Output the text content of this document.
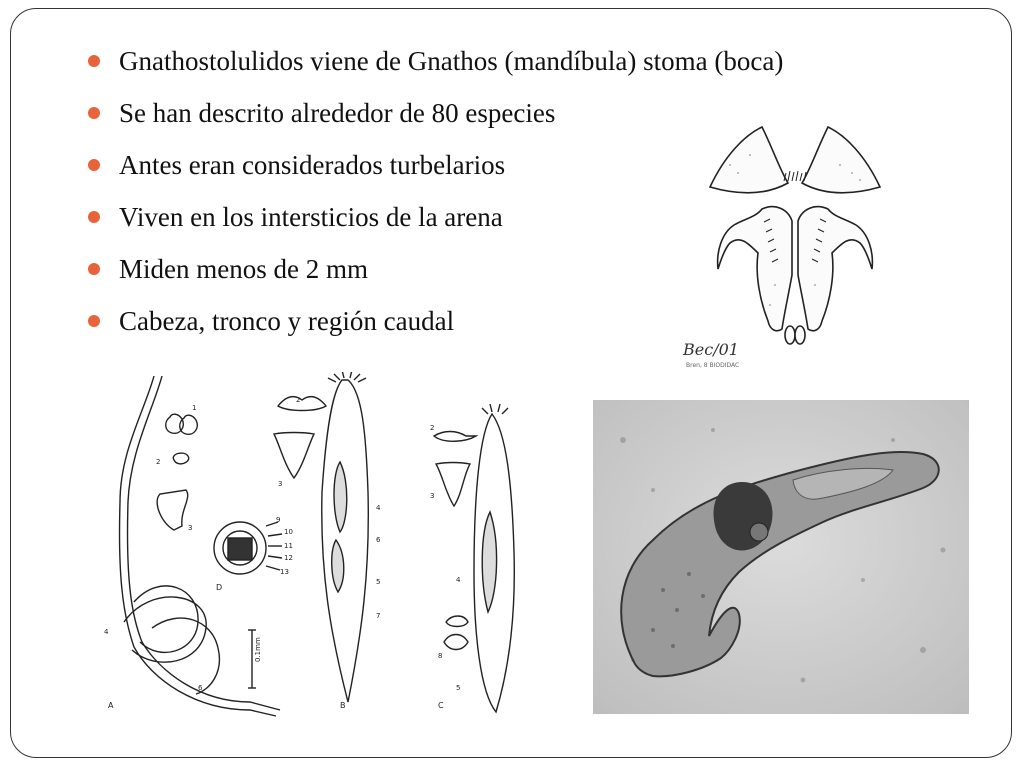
Gnathostolulidos viene de Gnathos (mandíbula) stoma (boca)
Se han descrito alrededor de 80 especies
Antes eran considerados turbelarios
Viven en los intersticios de la arena
Miden menos de 2 mm
Cabeza, tronco y región caudal
Bec/01
Bren, 8 BIODIDAC
1
2
3
4
6
2
3
4
6
5
7
2
3
4
8
5
9
10
11
12
13
0.1mm
A	B	C
D
